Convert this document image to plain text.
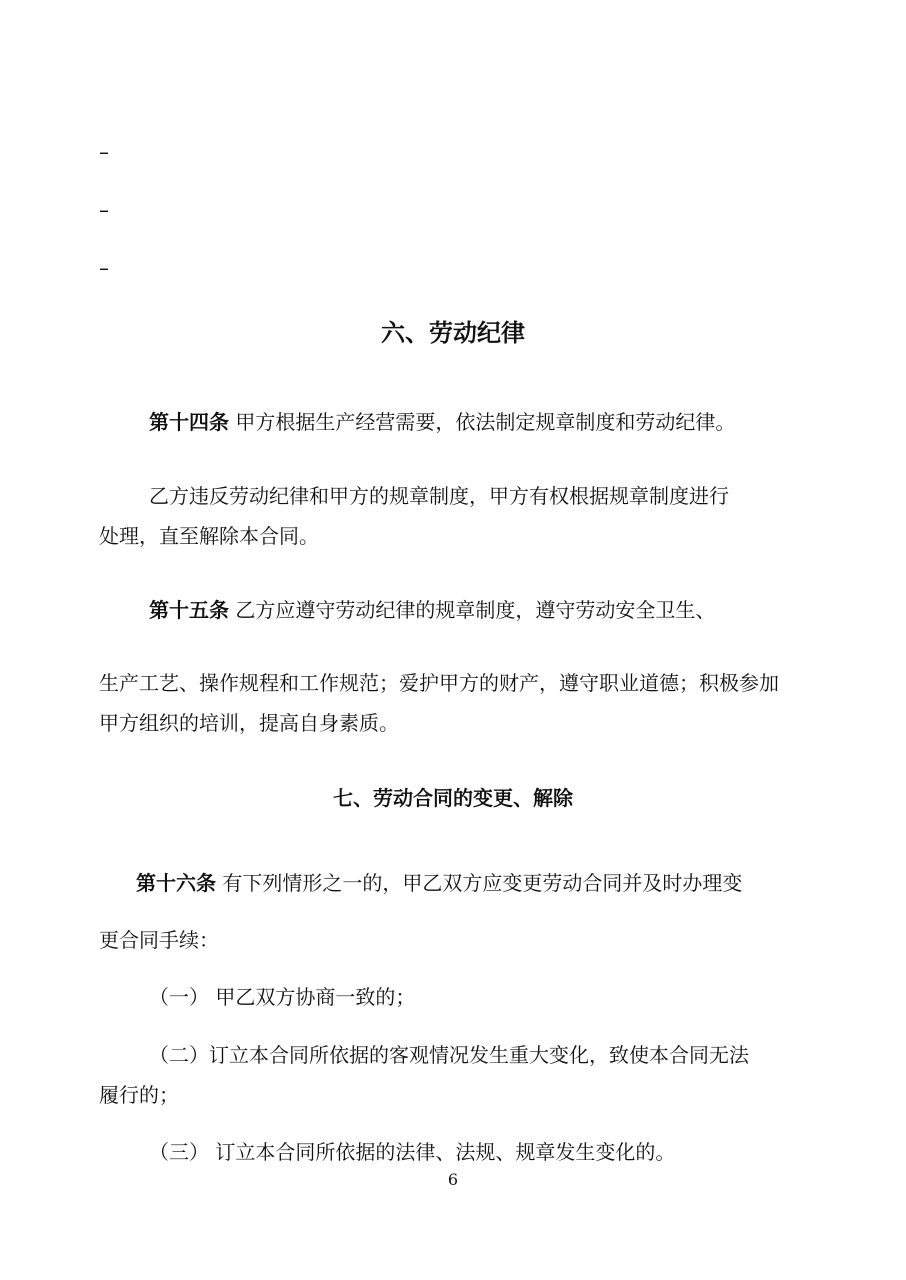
–
–
–
六、劳动纪律
第十四条 甲方根据生产经营需要，依法制定规章制度和劳动纪律。
乙方违反劳动纪律和甲方的规章制度，甲方有权根据规章制度进行
处理，直至解除本合同。
第十五条 乙方应遵守劳动纪律的规章制度，遵守劳动安全卫生、
生产工艺、操作规程和工作规范；爱护甲方的财产，遵守职业道德；积极参加
甲方组织的培训，提高自身素质。
七、劳动合同的变更、解除
第十六条 有下列情形之一的，甲乙双方应变更劳动合同并及时办理变
更合同手续：
（一） 甲乙双方协商一致的；
（二）订立本合同所依据的客观情况发生重大变化，致使本合同无法
履行的；
（三） 订立本合同所依据的法律、法规、规章发生变化的。
6
